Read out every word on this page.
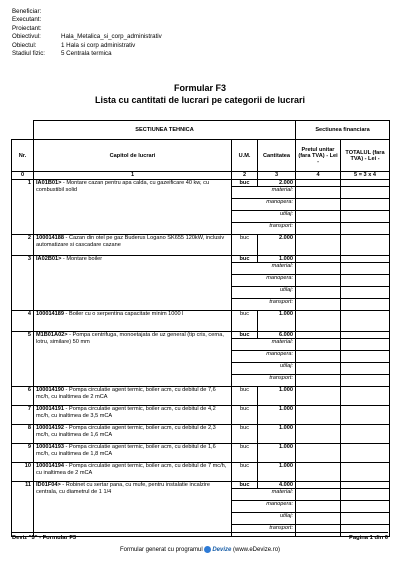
Beneficiar:
Executant:
Proiectant:
Obiectivul:	Hala_Metalica_si_corp_administrativ
Obiectul:	1 Hala si corp administrativ
Stadiul fizic:	5 Centrala termica
Formular F3
Lista cu cantitati de lucrari pe categorii de lucrari
	SECTIUNEA TEHNICA			Sectiunea financiara	
Nr.	Capitol de lucrari	U.M.	Cantitatea	Pretul unitar (fara TVA) - Lei -	TOTALUL (fara TVA) - Lei -
0	1	2	3	4	5 = 3 x 4
1	IA01B01> - Montare cazan pentru apa calda, cu gazeificare 40 kw, cu combustibil solid	buc	2.000		
		material:			
		manopera:			
		utilaj:			
		transport:			
2	100014188 - Cazan din otel pe gaz Buderus Logano SK655 120kW, inclusiv automatizare si cascadare cazane	buc	2.000		
3	IA02B01> - Montare boiler	buc	1.000		
		material:			
		manopera:			
		utilaj:			
		transport:			
4	100014189 - Boiler cu o serpentina capacitate minim 1000 l	buc	1.000		
5	M1B01A02> - Pompa centrifuga, monoetajata de uz general (tip cris, cerna, lotru, similare) 50 mm	buc	6.000		
		material:			
		manopera:			
		utilaj:			
		transport:			
6	100014190 - Pompa circulatie agent termic, boiler acm, cu debitul de 7,6 mc/h, cu inaltimea de 2 mCA	buc	1.000		
7	100014191 - Pompa circulatie agent termic, boiler acm, cu debitul de 4,2 mc/h, cu inaltimea de 3,5 mCA	buc	1.000		
8	100014192 - Pompa circulatie agent termic, boiler acm, cu debitul de 2,3 mc/h, cu inaltimea de 1,6 mCA	buc	1.000		
9	100014193 - Pompa circulatie agent termic, boiler acm, cu debitul de 1,6 mc/h, cu inaltimea de 1,8 mCA	buc	1.000		
10	100014194 - Pompa circulatie agent termic, boiler acm, cu debitul de 7 mc/h, cu inaltimea de 2 mCA	buc	1.000		
11	ID01F04> - Robinet cu sertar pana, cu mufe, pentru instalatie incalzire centrala, cu diametrul de 1 1/4	buc	4.000		
		material:			
		manopera:			
		utilaj:			
		transport:			
Deviz "5" - Formular F3	Pagina 1 din 6
Formular generat cu programul Devize (www.eDevize.ro)
